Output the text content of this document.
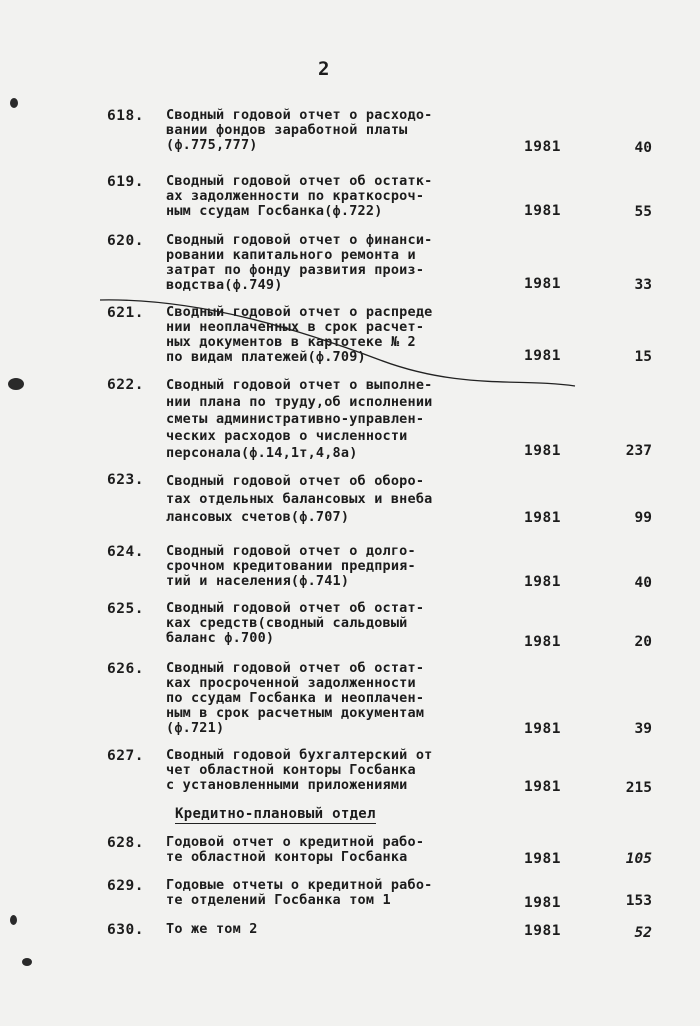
2
618. Сводный годовой отчет о расходо-
вании фондов заработной платы
(ф.775,777)	1981	40
619. Сводный годовой отчет об остатк-
ах задолженности по краткосроч-
ным ссудам Госбанка(ф.722)	1981	55
620. Сводный годовой отчет о финанси-
ровании капитального ремонта и
затрат по фонду развития произ-
водства(ф.749)	1981	33
621. Сводный годовой отчет о распреде
нии неоплаченных в срок расчет-
ных документов в картотеке № 2
по видам платежей(ф.709)	1981	15
622. Сводный годовой отчет о выполне-
нии плана по труду,об исполнении
сметы административно-управлен-
ческих расходов о численности
персонала(ф.14,1т,4,8а)	1981	237
623. Сводный годовой отчет об оборо-
тах отдельных балансовых и внеба
лансовых счетов(ф.707)	1981	99
624. Сводный годовой отчет о долго-
срочном кредитовании предприя-
тий и населения(ф.741)	1981	40
625. Сводный годовой отчет об остат-
ках средств(сводный сальдовый
баланс ф.700)	1981	20
626. Сводный годовой отчет об остат-
ках просроченной задолженности
по ссудам Госбанка и неоплачен-
ным в срок расчетным документам
(ф.721)	1981	39
627. Сводный годовой бухгалтерский от
чет областной конторы Госбанка
с установленными приложениями	1981	215
Кредитно-плановый отдел
628. Годовой отчет о кредитной рабо-
те областной конторы Госбанка	1981	105
629. Годовые отчеты о кредитной рабо-
те отделений Госбанка том 1	1981	153
630. То же том 2	1981	52
